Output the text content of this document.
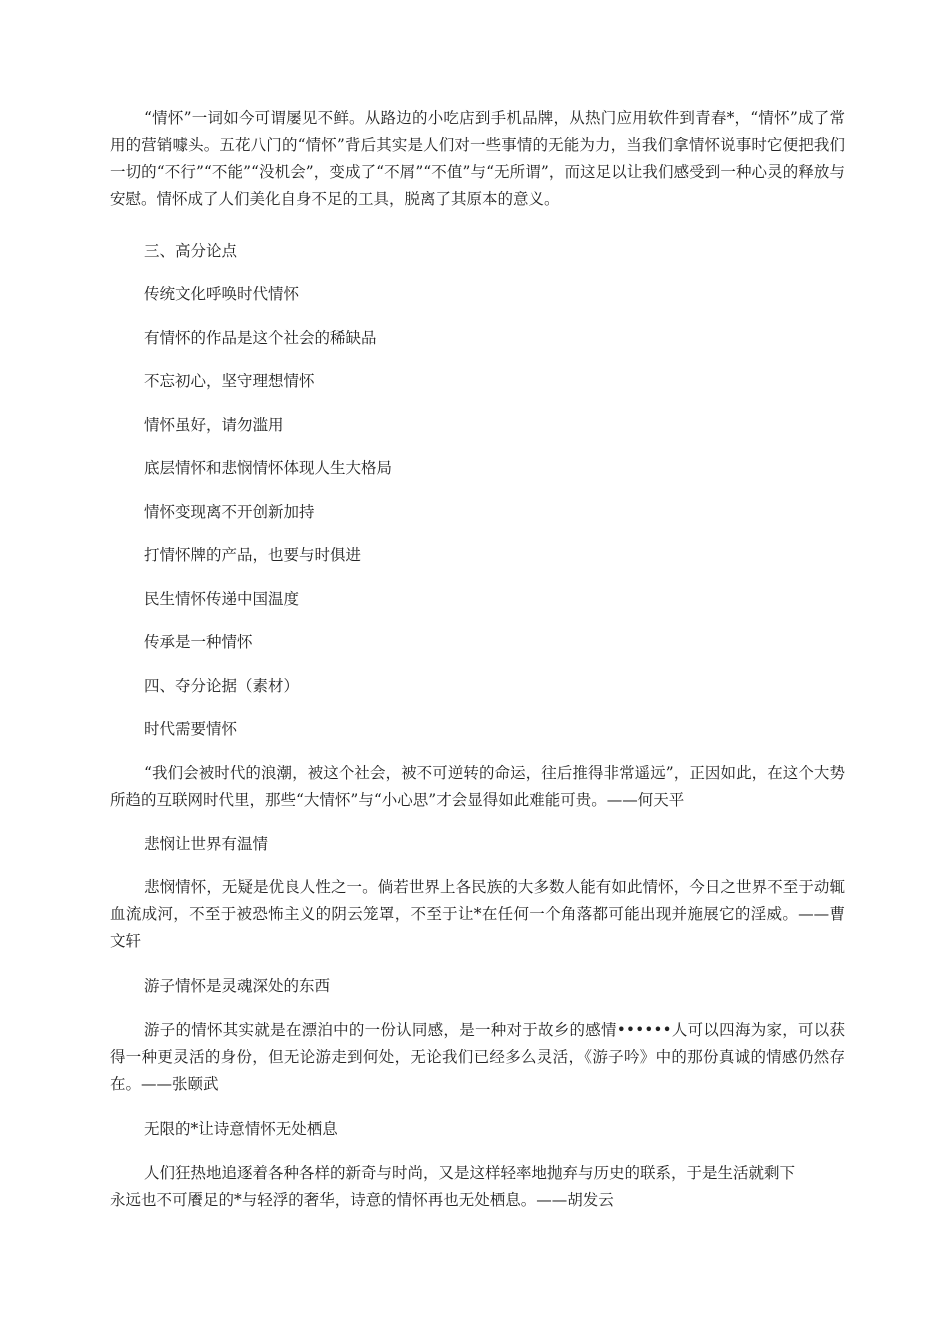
“情怀”一词如今可谓屡见不鲜。从路边的小吃店到手机品牌，从热门应用软件到青春*，“情怀”成了常用的营销噱头。五花八门的“情怀”背后其实是人们对一些事情的无能为力，当我们拿情怀说事时它便把我们一切的“不行”“不能”“没机会”，变成了“不屑”“不值”与“无所谓”，而这足以让我们感受到一种心灵的释放与安慰。情怀成了人们美化自身不足的工具，脱离了其原本的意义。

三、高分论点

传统文化呼唤时代情怀

有情怀的作品是这个社会的稀缺品

不忘初心，坚守理想情怀

情怀虽好，请勿滥用

底层情怀和悲悯情怀体现人生大格局

情怀变现离不开创新加持

打情怀牌的产品，也要与时俱进

民生情怀传递中国温度

传承是一种情怀

四、夺分论据（素材）

时代需要情怀

“我们会被时代的浪潮，被这个社会，被不可逆转的命运，往后推得非常遥远”，正因如此，在这个大势所趋的互联网时代里，那些“大情怀”与“小心思”才会显得如此难能可贵。——何天平

悲悯让世界有温情

悲悯情怀，无疑是优良人性之一。倘若世界上各民族的大多数人能有如此情怀，今日之世界不至于动辄血流成河，不至于被恐怖主义的阴云笼罩，不至于让*在任何一个角落都可能出现并施展它的淫威。——曹文轩

游子情怀是灵魂深处的东西

游子的情怀其实就是在漂泊中的一份认同感，是一种对于故乡的感情••••••人可以四海为家，可以获得一种更灵活的身份，但无论游走到何处，无论我们已经多么灵活，《游子吟》中的那份真诚的情感仍然存在。——张颐武

无限的*让诗意情怀无处栖息

人们狂热地追逐着各种各样的新奇与时尚，又是这样轻率地抛弃与历史的联系，于是生活就剩下

永远也不可餍足的*与轻浮的奢华，诗意的情怀再也无处栖息。——胡发云
